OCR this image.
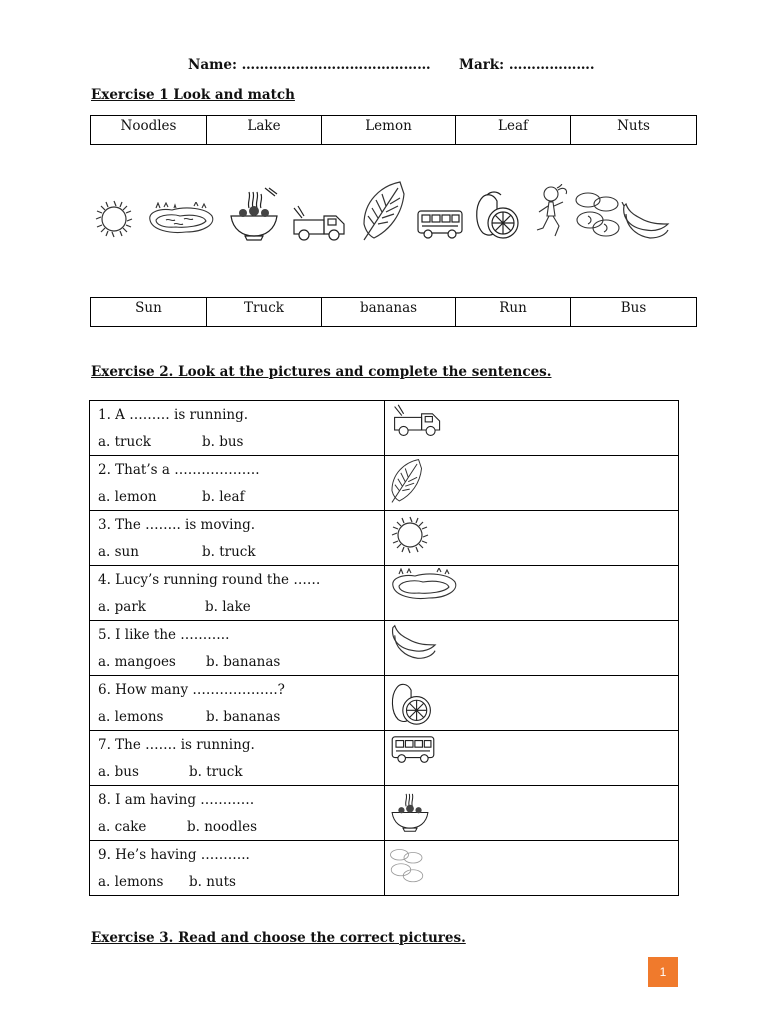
Name: …………………………………… Mark: ……………….
Exercise 1 Look and match
Noodles	Lake	Lemon	Leaf	Nuts
Sun	Truck	bananas	Run	Bus
Exercise 2. Look at the pictures and complete the sentences.
1. A ……… is running.
a. truck b. bus

2. That’s a ……………….
a. lemon b. leaf

3. The …….. is moving.
a. sun b. truck

4. Lucy’s running round the ……
a. park b. lake

5. I like the ………..
a. mangoes b. bananas

6. How many ……………….?
a. lemons b. bananas

7. The ……. is running.
a. bus b. truck

8. I am having …………
a. cake b. noodles

9. He’s having ………..
a. lemons b. nuts

Exercise 3. Read and choose the correct pictures.
1
